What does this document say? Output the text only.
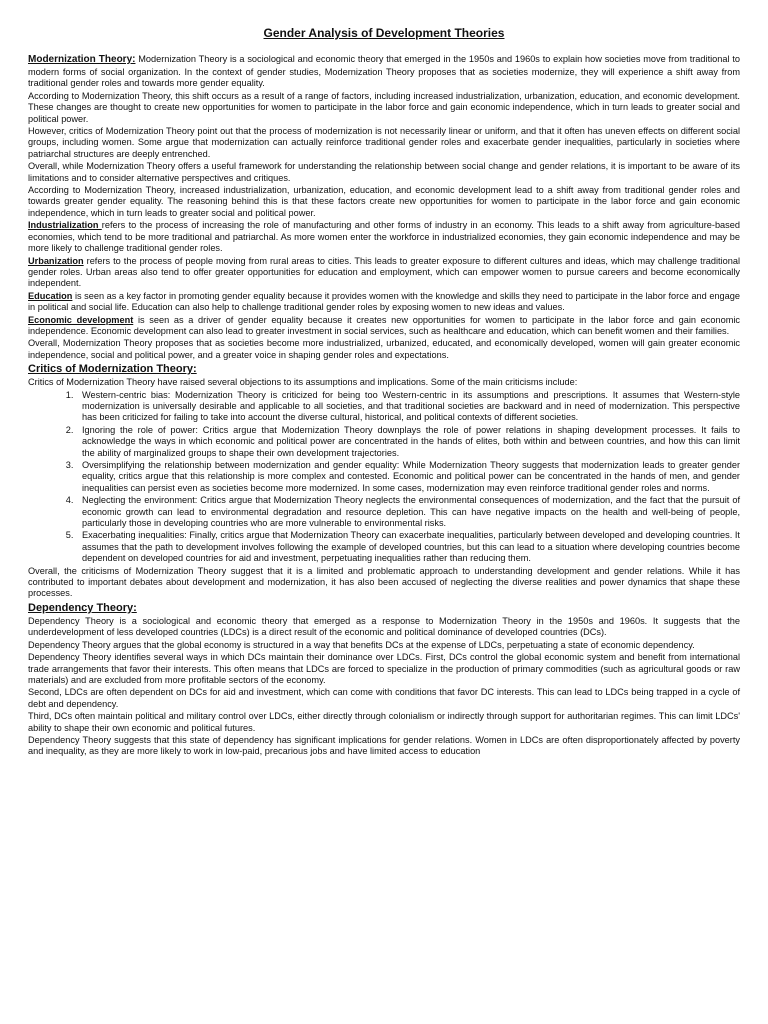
Gender Analysis of Development Theories

Modernization Theory: Modernization Theory is a sociological and economic theory that emerged in the 1950s and 1960s to explain how societies move from traditional to modern forms of social organization. In the context of gender studies, Modernization Theory proposes that as societies modernize, they will experience a shift away from traditional gender roles and towards more gender equality.

According to Modernization Theory, this shift occurs as a result of a range of factors, including increased industrialization, urbanization, education, and economic development. These changes are thought to create new opportunities for women to participate in the labor force and gain economic independence, which in turn leads to greater social and political power.

However, critics of Modernization Theory point out that the process of modernization is not necessarily linear or uniform, and that it often has uneven effects on different social groups, including women. Some argue that modernization can actually reinforce traditional gender roles and exacerbate gender inequalities, particularly in societies where patriarchal structures are deeply entrenched.

Overall, while Modernization Theory offers a useful framework for understanding the relationship between social change and gender relations, it is important to be aware of its limitations and to consider alternative perspectives and critiques.

According to Modernization Theory, increased industrialization, urbanization, education, and economic development lead to a shift away from traditional gender roles and towards greater gender equality. The reasoning behind this is that these factors create new opportunities for women to participate in the labor force and gain economic independence, which in turn leads to greater social and political power.

Industrialization refers to the process of increasing the role of manufacturing and other forms of industry in an economy. This leads to a shift away from agriculture-based economies, which tend to be more traditional and patriarchal. As more women enter the workforce in industrialized economies, they gain economic independence and may be more likely to challenge traditional gender roles.

Urbanization refers to the process of people moving from rural areas to cities. This leads to greater exposure to different cultures and ideas, which may challenge traditional gender roles. Urban areas also tend to offer greater opportunities for education and employment, which can empower women to pursue careers and become economically independent.

Education is seen as a key factor in promoting gender equality because it provides women with the knowledge and skills they need to participate in the labor force and engage in political and social life. Education can also help to challenge traditional gender roles by exposing women to new ideas and values.

Economic development is seen as a driver of gender equality because it creates new opportunities for women to participate in the labor force and gain economic independence. Economic development can also lead to greater investment in social services, such as healthcare and education, which can benefit women and their families.

Overall, Modernization Theory proposes that as societies become more industrialized, urbanized, educated, and economically developed, women will gain greater economic independence, social and political power, and a greater voice in shaping gender roles and expectations.

Critics of Modernization Theory:

Critics of Modernization Theory have raised several objections to its assumptions and implications. Some of the main criticisms include:

1. Western-centric bias: Modernization Theory is criticized for being too Western-centric in its assumptions and prescriptions. It assumes that Western-style modernization is universally desirable and applicable to all societies, and that traditional societies are backward and in need of modernization. This perspective has been criticized for failing to take into account the diverse cultural, historical, and political contexts of different societies.
2. Ignoring the role of power: Critics argue that Modernization Theory downplays the role of power relations in shaping development processes. It fails to acknowledge the ways in which economic and political power are concentrated in the hands of elites, both within and between countries, and how this can limit the ability of marginalized groups to shape their own development trajectories.
3. Oversimplifying the relationship between modernization and gender equality: While Modernization Theory suggests that modernization leads to greater gender equality, critics argue that this relationship is more complex and contested. Economic and political power can be concentrated in the hands of men, and gender inequalities can persist even as societies become more modernized. In some cases, modernization may even reinforce traditional gender roles and norms.
4. Neglecting the environment: Critics argue that Modernization Theory neglects the environmental consequences of modernization, and the fact that the pursuit of economic growth can lead to environmental degradation and resource depletion. This can have negative impacts on the health and well-being of people, particularly those in developing countries who are more vulnerable to environmental risks.
5. Exacerbating inequalities: Finally, critics argue that Modernization Theory can exacerbate inequalities, particularly between developed and developing countries. It assumes that the path to development involves following the example of developed countries, but this can lead to a situation where developing countries become dependent on developed countries for aid and investment, perpetuating inequalities rather than reducing them.

Overall, the criticisms of Modernization Theory suggest that it is a limited and problematic approach to understanding development and gender relations. While it has contributed to important debates about development and modernization, it has also been accused of neglecting the diverse realities and power dynamics that shape these processes.

Dependency Theory:

Dependency Theory is a sociological and economic theory that emerged as a response to Modernization Theory in the 1950s and 1960s. It suggests that the underdevelopment of less developed countries (LDCs) is a direct result of the economic and political dominance of developed countries (DCs).

Dependency Theory argues that the global economy is structured in a way that benefits DCs at the expense of LDCs, perpetuating a state of economic dependency.

Dependency Theory identifies several ways in which DCs maintain their dominance over LDCs. First, DCs control the global economic system and benefit from international trade arrangements that favor their interests. This often means that LDCs are forced to specialize in the production of primary commodities (such as agricultural goods or raw materials) and are excluded from more profitable sectors of the economy.

Second, LDCs are often dependent on DCs for aid and investment, which can come with conditions that favor DC interests. This can lead to LDCs being trapped in a cycle of debt and dependency.

Third, DCs often maintain political and military control over LDCs, either directly through colonialism or indirectly through support for authoritarian regimes. This can limit LDCs' ability to shape their own economic and political futures.

Dependency Theory suggests that this state of dependency has significant implications for gender relations. Women in LDCs are often disproportionately affected by poverty and inequality, as they are more likely to work in low-paid, precarious jobs and have limited access to education
